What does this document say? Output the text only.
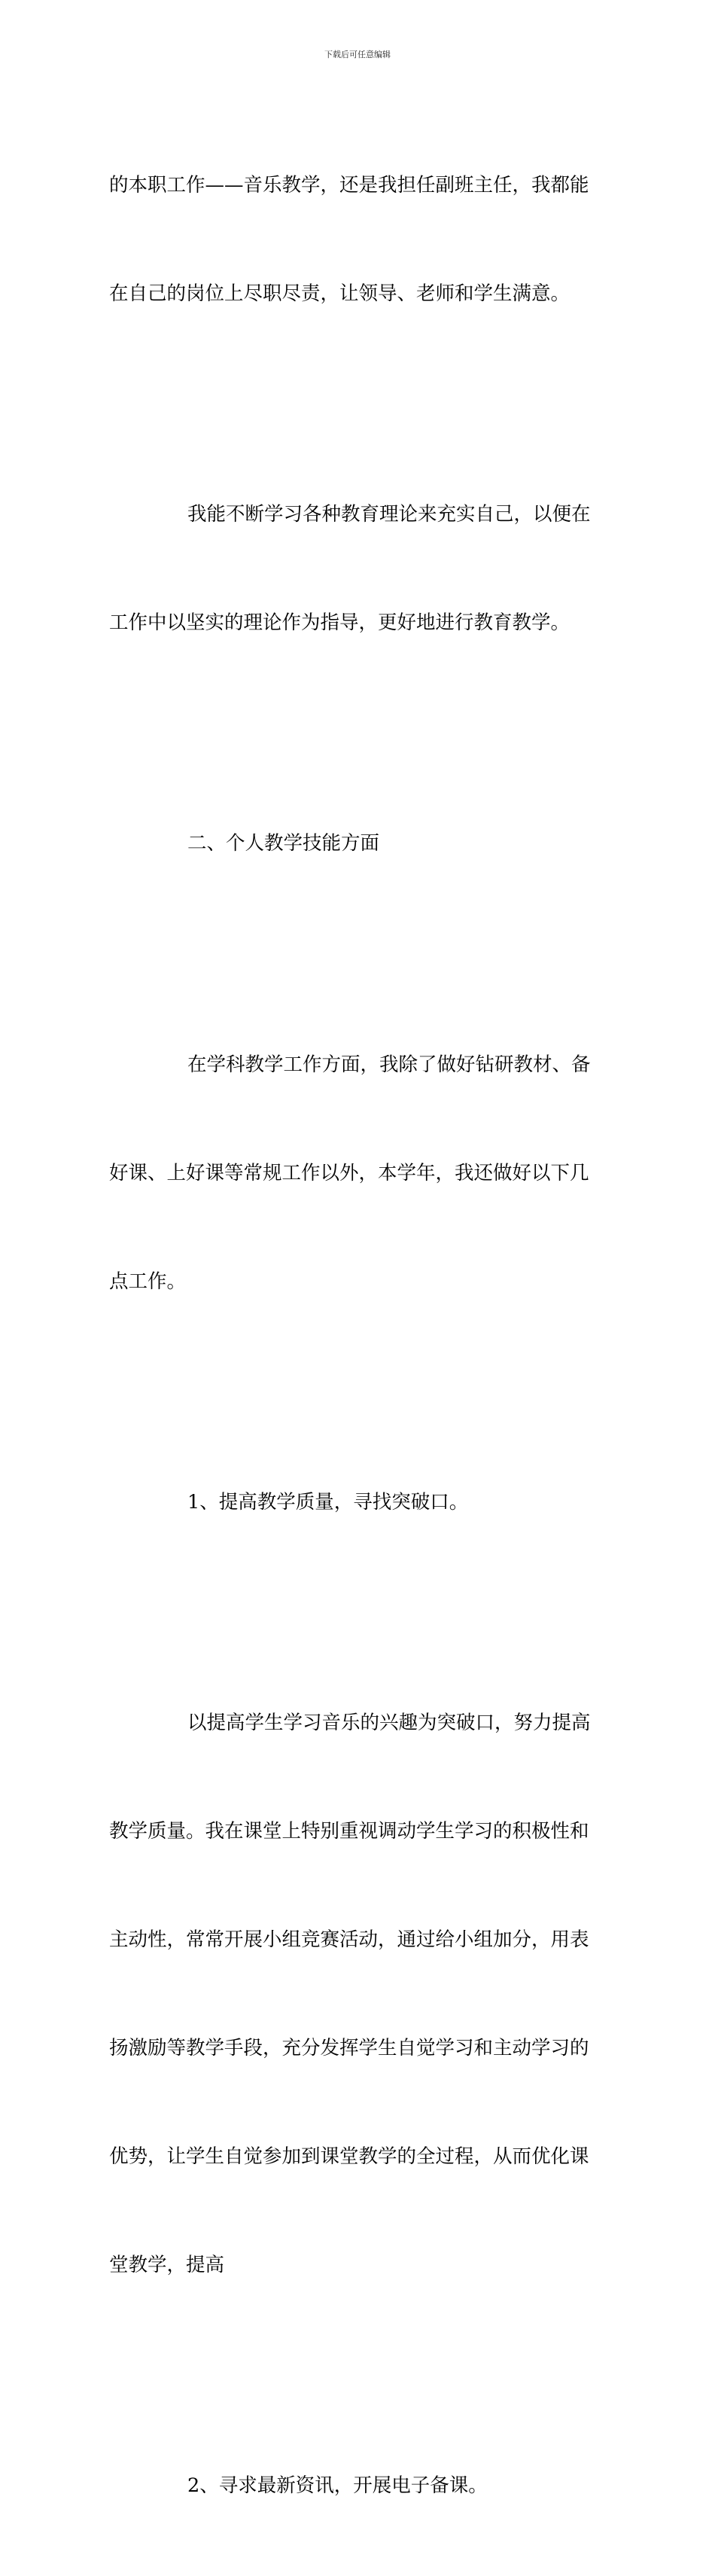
下载后可任意编辑

的本职工作——音乐教学，还是我担任副班主任，我都能

在自己的岗位上尽职尽责，让领导、老师和学生满意。

我能不断学习各种教育理论来充实自己，以便在

工作中以坚实的理论作为指导，更好地进行教育教学。

二、个人教学技能方面

在学科教学工作方面，我除了做好钻研教材、备

好课、上好课等常规工作以外，本学年，我还做好以下几

点工作。

1、提高教学质量，寻找突破口。

以提高学生学习音乐的兴趣为突破口，努力提高

教学质量。我在课堂上特别重视调动学生学习的积极性和

主动性，常常开展小组竞赛活动，通过给小组加分，用表

扬激励等教学手段，充分发挥学生自觉学习和主动学习的

优势，让学生自觉参加到课堂教学的全过程，从而优化课

堂教学，提高

2、寻求最新资讯，开展电子备课。
